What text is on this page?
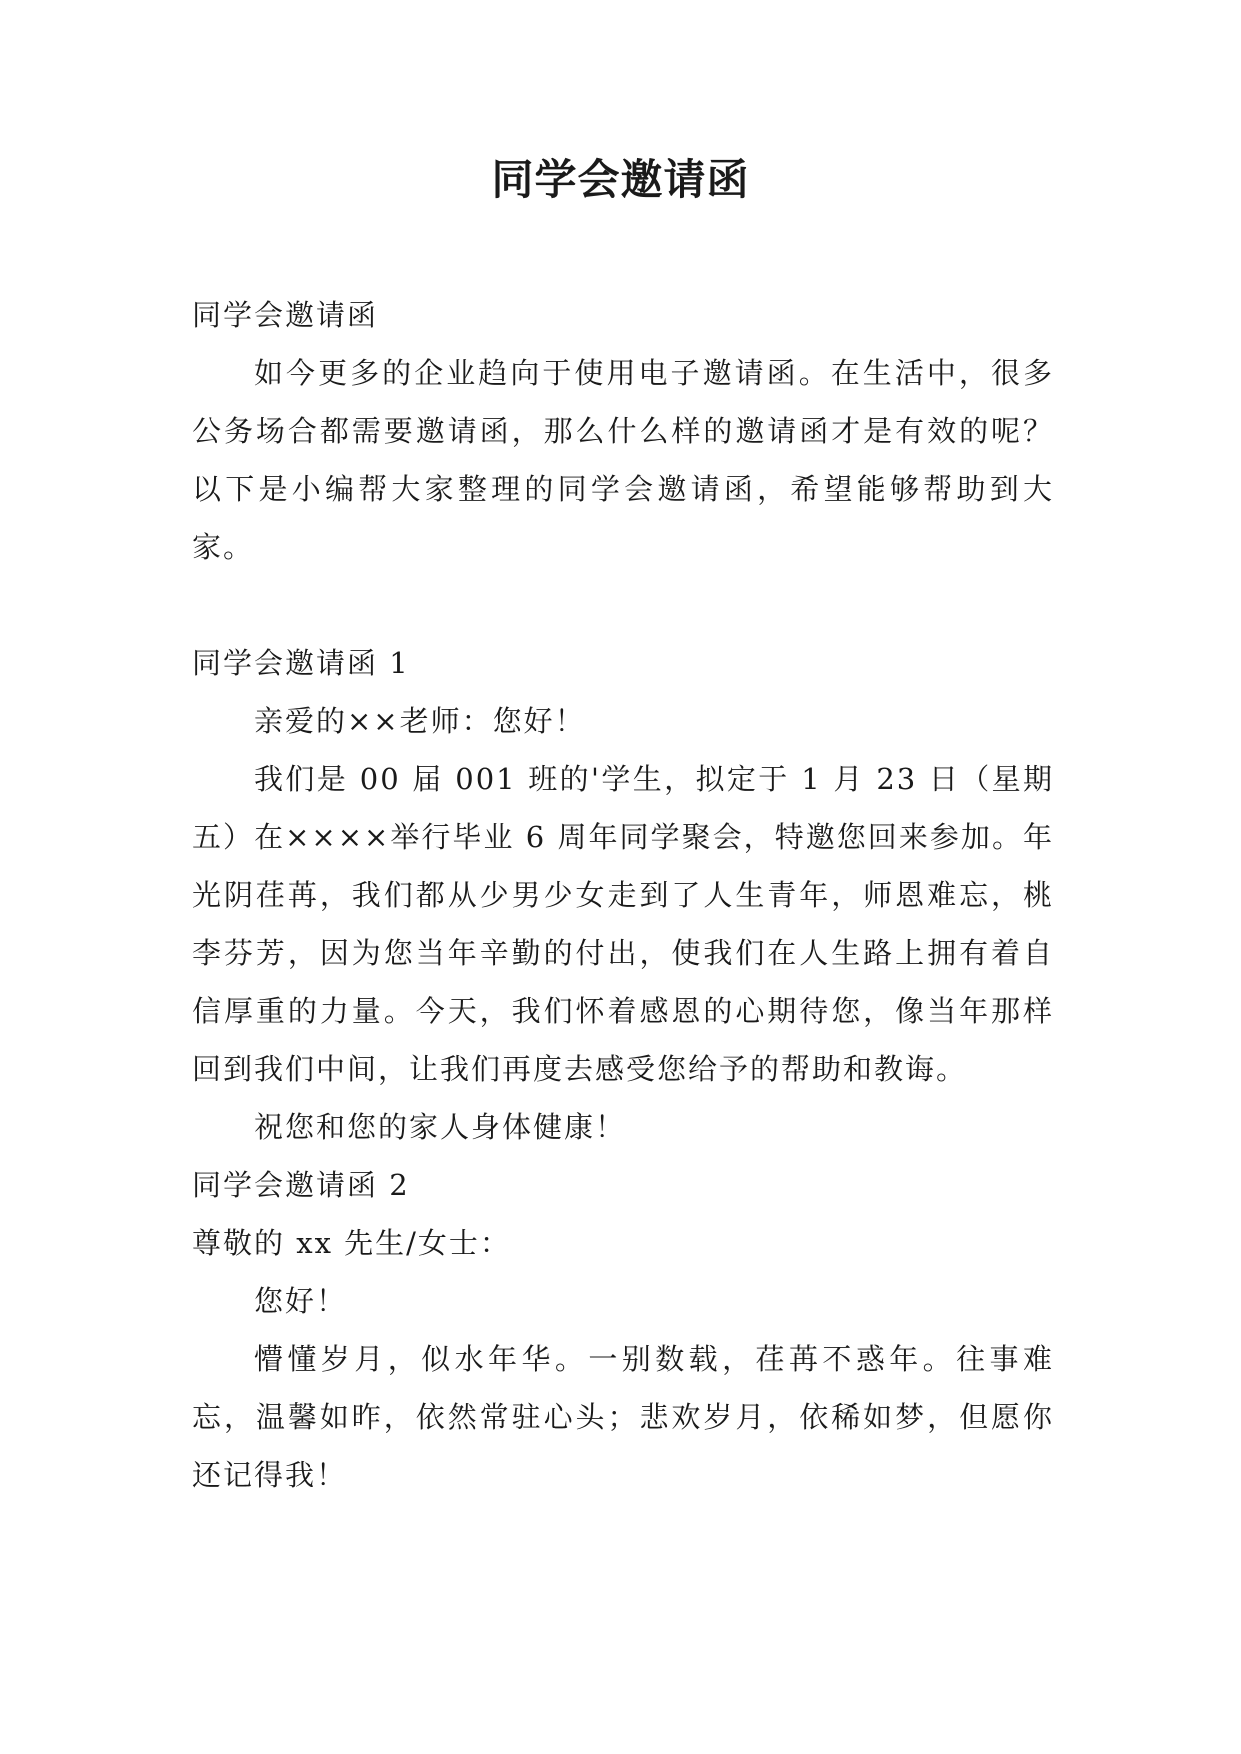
同学会邀请函

同学会邀请函

如今更多的企业趋向于使用电子邀请函。在生活中，很多公务场合都需要邀请函，那么什么样的邀请函才是有效的呢？以下是小编帮大家整理的同学会邀请函，希望能够帮助到大家。

同学会邀请函 1

亲爱的××老师：您好！

我们是 00 届 001 班的'学生，拟定于 1 月 23 日（星期五）在××××举行毕业 6 周年同学聚会，特邀您回来参加。年光阴荏苒，我们都从少男少女走到了人生青年，师恩难忘，桃李芬芳，因为您当年辛勤的付出，使我们在人生路上拥有着自信厚重的力量。今天，我们怀着感恩的心期待您，像当年那样回到我们中间，让我们再度去感受您给予的帮助和教诲。

祝您和您的家人身体健康！

同学会邀请函 2

尊敬的 xx 先生/女士：

您好！

懵懂岁月，似水年华。一别数载，荏苒不惑年。往事难忘，温馨如昨，依然常驻心头；悲欢岁月，依稀如梦，但愿你还记得我！
